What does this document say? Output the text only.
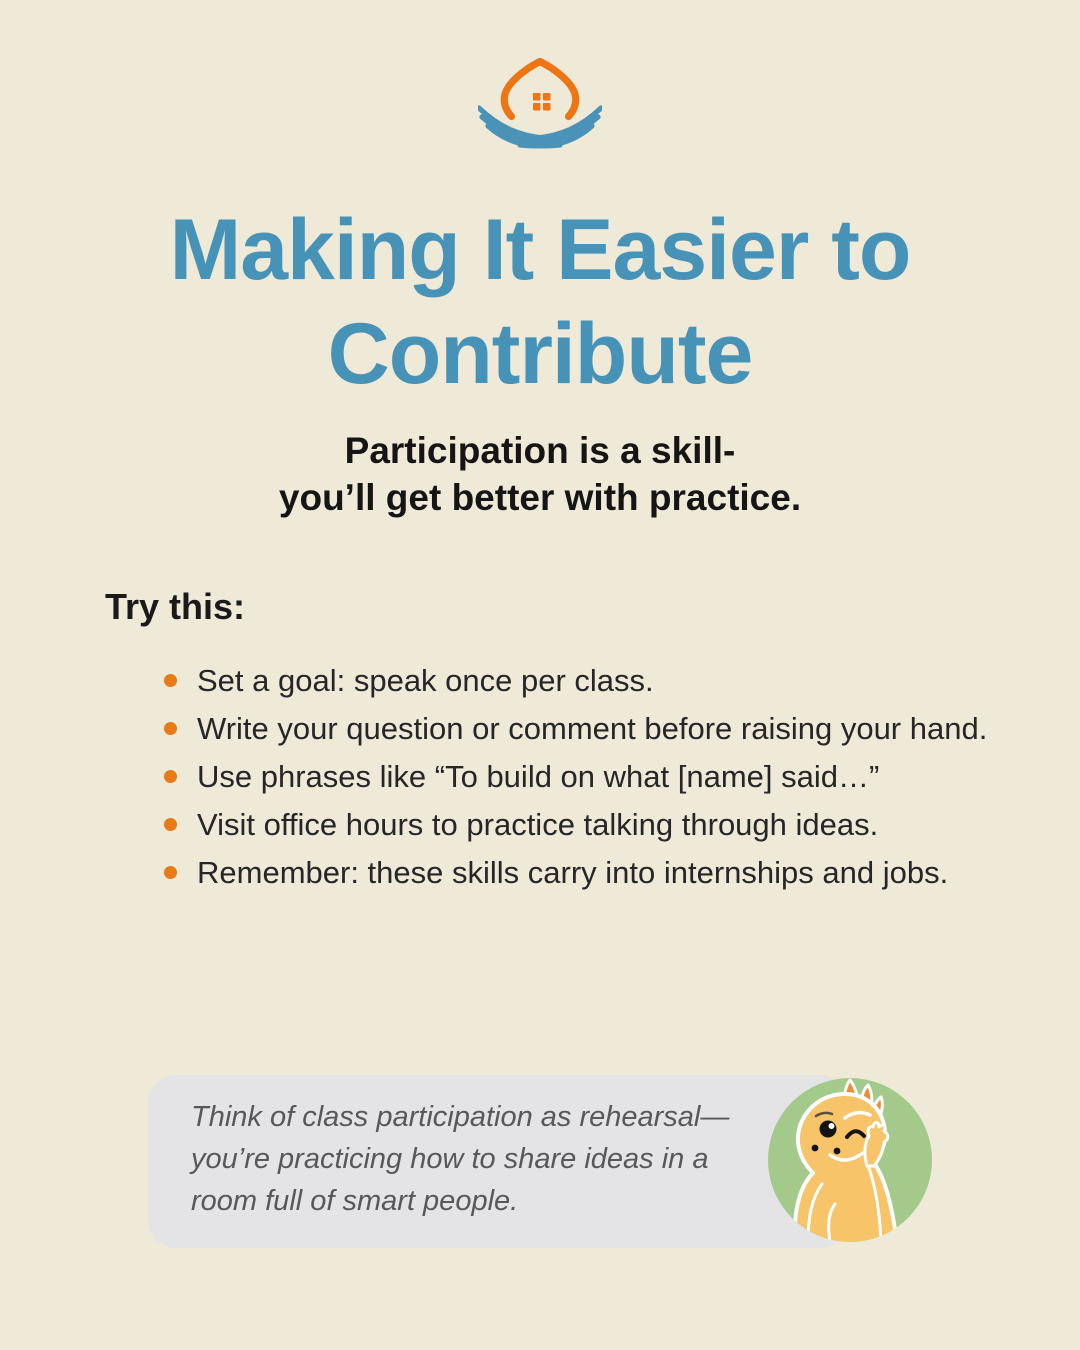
Making It Easier to
Contribute

Participation is a skill-
you’ll get better with practice.

Try this:
Set a goal: speak once per class.
Write your question or comment before raising your hand.
Use phrases like “To build on what [name] said…”
Visit office hours to practice talking through ideas.
Remember: these skills carry into internships and jobs.

Think of class participation as rehearsal—you’re practicing how to share ideas in a room full of smart people.
